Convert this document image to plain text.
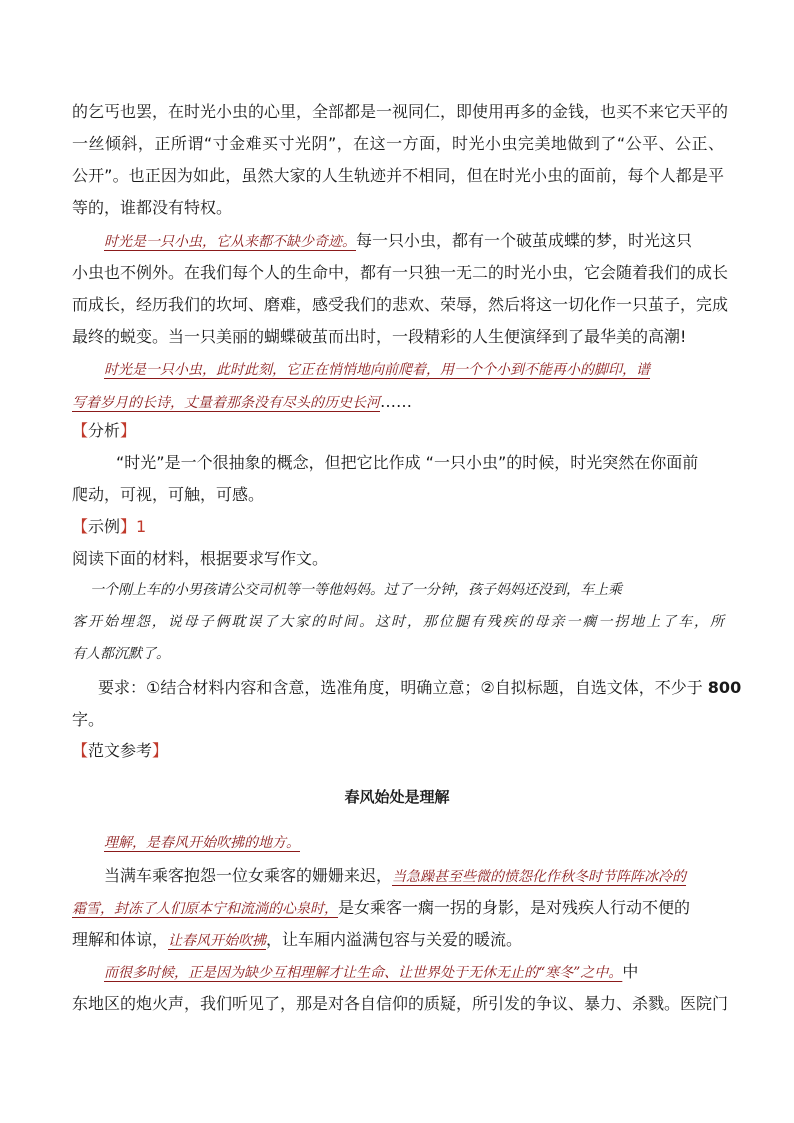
的乞丐也罢，在时光小虫的心里，全部都是一视同仁，即使用再多的金钱，也买不来它天平的
一丝倾斜，正所谓“寸金难买寸光阴”，在这一方面，时光小虫完美地做到了“公平、公正、
公开”。也正因为如此，虽然大家的人生轨迹并不相同，但在时光小虫的面前，每个人都是平
等的，谁都没有特权。
时光是一只小虫，它从来都不缺少奇迹。每一只小虫，都有一个破茧成蝶的梦，时光这只
小虫也不例外。在我们每个人的生命中，都有一只独一无二的时光小虫，它会随着我们的成长
而成长，经历我们的坎坷、磨难，感受我们的悲欢、荣辱，然后将这一切化作一只茧子，完成
最终的蜕变。当一只美丽的蝴蝶破茧而出时，一段精彩的人生便演绎到了最华美的高潮!
时光是一只小虫，此时此刻，它正在悄悄地向前爬着，用一个个小到不能再小的脚印，谱
写着岁月的长诗，丈量着那条没有尽头的历史长河……
【分析】
“时光”是一个很抽象的概念，但把它比作成 “一只小虫”的时候，时光突然在你面前
爬动，可视，可触，可感。
【示例】1
阅读下面的材料，根据要求写作文。
一个刚上车的小男孩请公交司机等一等他妈妈。过了一分钟，孩子妈妈还没到，车上乘
客开始埋怨，说母子俩耽误了大家的时间。这时，那位腿有残疾的母亲一瘸一拐地上了车，所
有人都沉默了。
要求：①结合材料内容和含意，选准角度，明确立意；②自拟标题，自选文体，不少于 800
字。
【范文参考】
春风始处是理解
理解，是春风开始吹拂的地方。
当满车乘客抱怨一位女乘客的姗姗来迟，当急躁甚至些微的愤怨化作秋冬时节阵阵冰冷的
霜雪，封冻了人们原本宁和流淌的心泉时，是女乘客一瘸一拐的身影，是对残疾人行动不便的
理解和体谅，让春风开始吹拂，让车厢内溢满包容与关爱的暖流。
而很多时候，正是因为缺少互相理解才让生命、让世界处于无休无止的“寒冬”之中。中
东地区的炮火声，我们听见了，那是对各自信仰的质疑，所引发的争议、暴力、杀戮。医院门
